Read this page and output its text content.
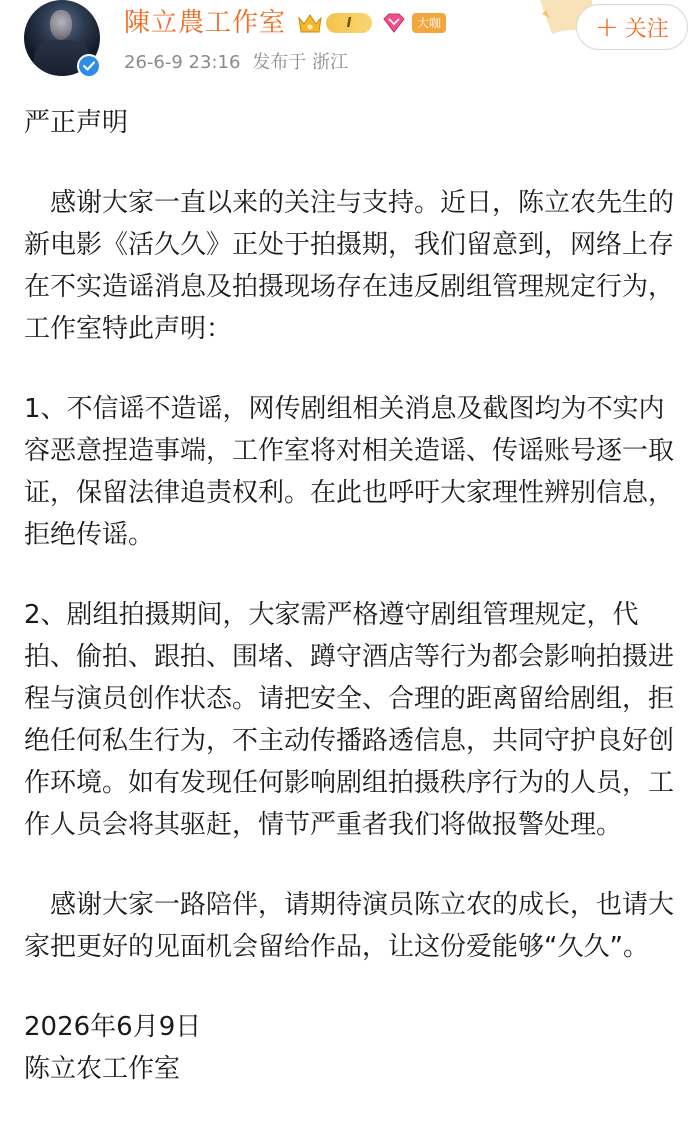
陳立農工作室	I	大咖
26-6-9 23:16 发布于 浙江
+ 关注

严正声明

感谢大家一直以来的关注与支持。近日，陈立农先生的新电影《活久久》正处于拍摄期，我们留意到，网络上存在不实造谣消息及拍摄现场存在违反剧组管理规定行为，工作室特此声明：

1、不信谣不造谣，网传剧组相关消息及截图均为不实内容恶意捏造事端，工作室将对相关造谣、传谣账号逐一取证，保留法律追责权利。在此也呼吁大家理性辨别信息，拒绝传谣。

2、剧组拍摄期间，大家需严格遵守剧组管理规定，代拍、偷拍、跟拍、围堵、蹲守酒店等行为都会影响拍摄进程与演员创作状态。请把安全、合理的距离留给剧组，拒绝任何私生行为，不主动传播路透信息，共同守护良好创作环境。如有发现任何影响剧组拍摄秩序行为的人员，工作人员会将其驱赶，情节严重者我们将做报警处理。

感谢大家一路陪伴，请期待演员陈立农的成长，也请大家把更好的见面机会留给作品，让这份爱能够“久久”。

2026年6月9日

陈立农工作室
